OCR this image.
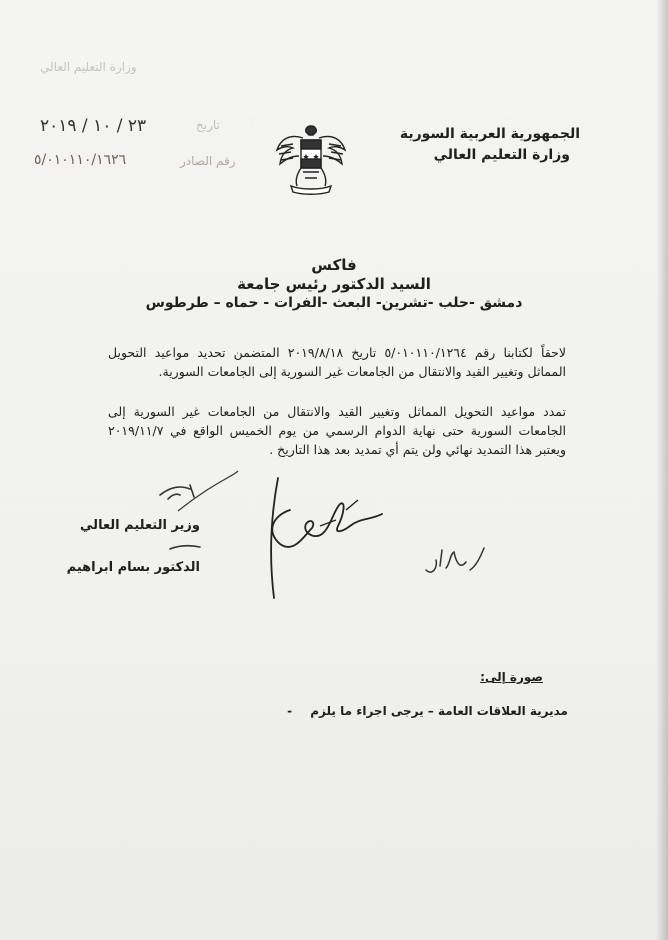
وزارة التعليم العالي
الجمهورية العربية السورية
وزارة التعليم العالي
تاريخ
٢٣ / ١٠ / ٢٠١٩
رقم الصادر
٥/٠١٠١١٠/١٦٢٦
فاكس
السيد الدكتور رئيس جامعة
دمشق -حلب -تشرين- البعث -الفرات - حماه – طرطوس
لاحقاً لكتابنا رقم ٥/٠١٠١١٠/١٢٦٤ تاريخ ٢٠١٩/٨/١٨ المتضمن تحديد مواعيد التحويل المماثل وتغيير القيد والانتقال من الجامعات غير السورية إلى الجامعات السورية.
تمدد مواعيد التحويل المماثل وتغيير القيد والانتقال من الجامعات غير السورية إلى الجامعات السورية حتى نهاية الدوام الرسمي من يوم الخميس الواقع في ٢٠١٩/١١/٧ ويعتبر هذا التمديد نهائي ولن يتم أي تمديد بعد هذا التاريخ .
وزير التعليم العالي
الدكتور بسام ابراهيم
صورة إلى:
مديرية العلاقات العامة – يرجى اجراء ما يلزم -
